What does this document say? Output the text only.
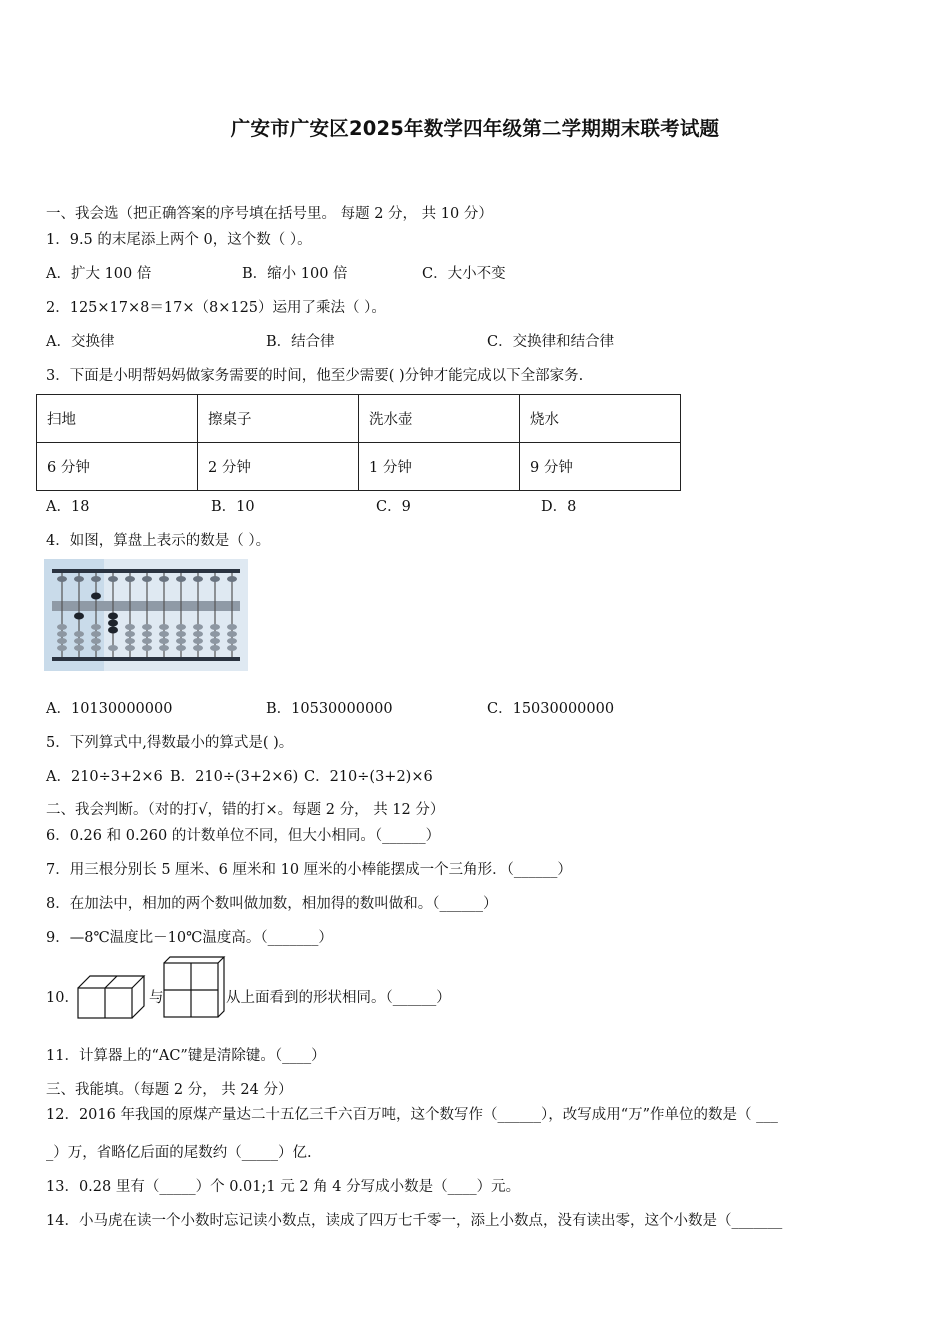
广安市广安区2025年数学四年级第二学期期末联考试题
一、我会选（把正确答案的序号填在括号里。 每题 2 分， 共 10 分）
1．9.5 的末尾添上两个 0，这个数（ ）。
A．扩大 100 倍	B．缩小 100 倍	C．大小不变
2．125×17×8＝17×（8×125）运用了乘法（ ）。
A．交换律	B．结合律	C．交换律和结合律
3．下面是小明帮妈妈做家务需要的时间，他至少需要( )分钟才能完成以下全部家务.
扫地	擦桌子	洗水壶	烧水
6 分钟	2 分钟	1 分钟	9 分钟
A．18	B．10	C．9	D．8
4．如图，算盘上表示的数是（ ）。
A．10130000000	B．10530000000	C．15030000000
5．下列算式中,得数最小的算式是( )。
A．210÷3+2×6 B．210÷(3+2×6) C．210÷(3+2)×6
二、我会判断。（对的打√，错的打×。每题 2 分， 共 12 分）
6．0.26 和 0.260 的计数单位不同，但大小相同。（______）
7．用三根分别长 5 厘米、6 厘米和 10 厘米的小棒能摆成一个三角形．（______）
8．在加法中，相加的两个数叫做加数，相加得的数叫做和。（______）
9．—8℃温度比－10℃温度高。（_______）
10．	与	从上面看到的形状相同。（______）
11．计算器上的“AC”键是清除键。（____）
三、我能填。（每题 2 分， 共 24 分）
12．2016 年我国的原煤产量达二十五亿三千六百万吨，这个数写作（______），改写成用“万”作单位的数是（ ___
_）万，省略亿后面的尾数约（_____）亿.
13．0.28 里有（_____）个 0.01;1 元 2 角 4 分写成小数是（____）元。
14．小马虎在读一个小数时忘记读小数点，读成了四万七千零一，添上小数点，没有读出零，这个小数是（_______
